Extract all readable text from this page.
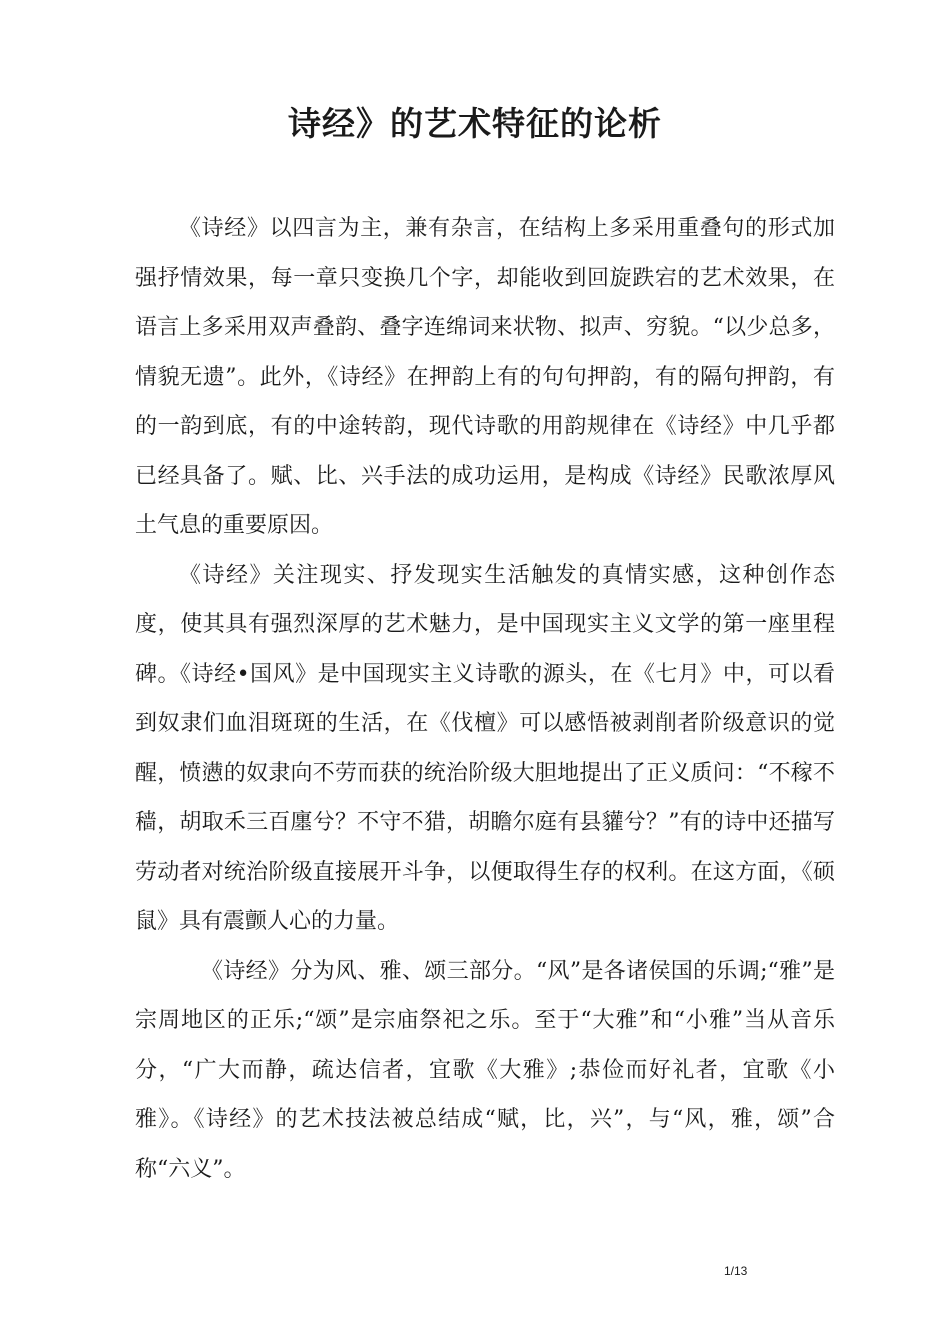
诗经》的艺术特征的论析

《诗经》以四言为主，兼有杂言，在结构上多采用重叠句的形式加强抒情效果，每一章只变换几个字，却能收到回旋跌宕的艺术效果，在语言上多采用双声叠韵、叠字连绵词来状物、拟声、穷貌。“以少总多，情貌无遗”。此外，《诗经》在押韵上有的句句押韵，有的隔句押韵，有的一韵到底，有的中途转韵，现代诗歌的用韵规律在《诗经》中几乎都已经具备了。赋、比、兴手法的成功运用，是构成《诗经》民歌浓厚风土气息的重要原因。

《诗经》关注现实、抒发现实生活触发的真情实感，这种创作态度，使其具有强烈深厚的艺术魅力，是中国现实主义文学的第一座里程碑。《诗经•国风》是中国现实主义诗歌的源头，在《七月》中，可以看到奴隶们血泪斑斑的生活，在《伐檀》可以感悟被剥削者阶级意识的觉醒，愤懑的奴隶向不劳而获的统治阶级大胆地提出了正义质问：“不稼不穑，胡取禾三百廛兮？不守不猎，胡瞻尔庭有县貛兮？”有的诗中还描写劳动者对统治阶级直接展开斗争，以便取得生存的权利。在这方面，《硕鼠》具有震颤人心的力量。

《诗经》分为风、雅、颂三部分。“风”是各诸侯国的乐调;“雅”是宗周地区的正乐;“颂”是宗庙祭祀之乐。至于“大雅”和“小雅”当从音乐分，“广大而静，疏达信者，宜歌《大雅》;恭俭而好礼者，宜歌《小雅》。《诗经》的艺术技法被总结成“赋，比，兴”，与“风，雅，颂”合称“六义”。

1/13
